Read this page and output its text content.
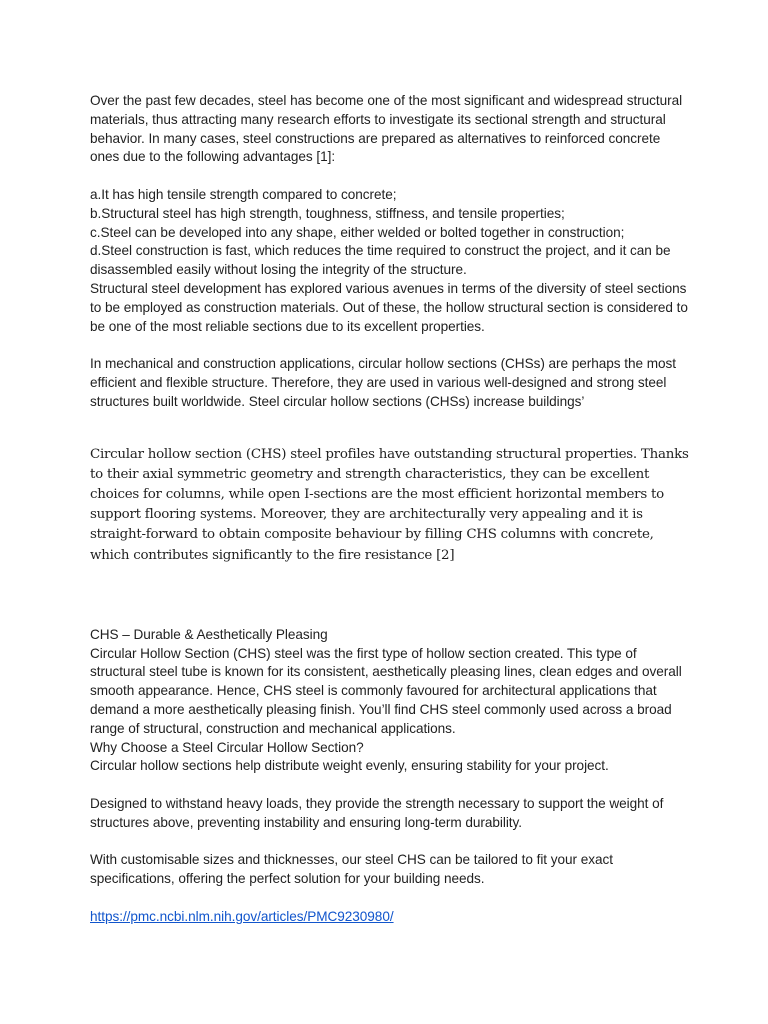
Over the past few decades, steel has become one of the most significant and widespread structural materials, thus attracting many research efforts to investigate its sectional strength and structural behavior. In many cases, steel constructions are prepared as alternatives to reinforced concrete ones due to the following advantages [1]:

a.It has high tensile strength compared to concrete;

b.Structural steel has high strength, toughness, stiffness, and tensile properties;

c.Steel can be developed into any shape, either welded or bolted together in construction;

d.Steel construction is fast, which reduces the time required to construct the project, and it can be disassembled easily without losing the integrity of the structure.

Structural steel development has explored various avenues in terms of the diversity of steel sections to be employed as construction materials. Out of these, the hollow structural section is considered to be one of the most reliable sections due to its excellent properties.

In mechanical and construction applications, circular hollow sections (CHSs) are perhaps the most efficient and flexible structure. Therefore, they are used in various well-designed and strong steel structures built worldwide. Steel circular hollow sections (CHSs) increase buildings’

Circular hollow section (CHS) steel profiles have outstanding structural properties. Thanks to their axial symmetric geometry and strength characteristics, they can be excellent choices for columns, while open I-sections are the most efficient horizontal members to support flooring systems. Moreover, they are architecturally very appealing and it is straight-forward to obtain composite behaviour by filling CHS columns with concrete, which contributes significantly to the fire resistance [2]

CHS – Durable & Aesthetically Pleasing

Circular Hollow Section (CHS) steel was the first type of hollow section created. This type of structural steel tube is known for its consistent, aesthetically pleasing lines, clean edges and overall smooth appearance. Hence, CHS steel is commonly favoured for architectural applications that demand a more aesthetically pleasing finish. You’ll find CHS steel commonly used across a broad range of structural, construction and mechanical applications.

Why Choose a Steel Circular Hollow Section?

Circular hollow sections help distribute weight evenly, ensuring stability for your project.

Designed to withstand heavy loads, they provide the strength necessary to support the weight of structures above, preventing instability and ensuring long-term durability.

With customisable sizes and thicknesses, our steel CHS can be tailored to fit your exact specifications, offering the perfect solution for your building needs.

https://pmc.ncbi.nlm.nih.gov/articles/PMC9230980/
